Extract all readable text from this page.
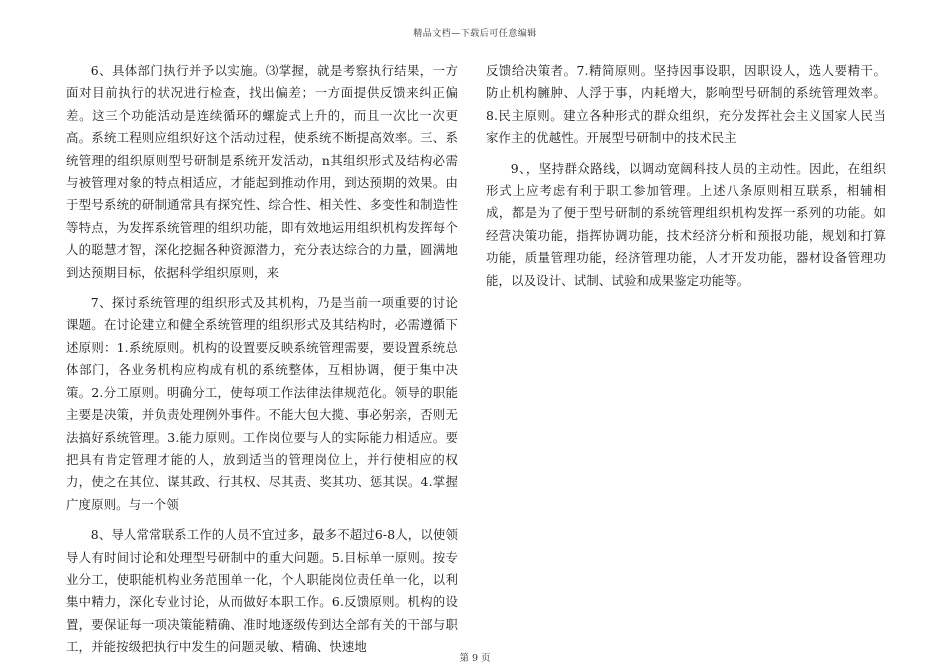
精品文档—下载后可任意编辑

6、具体部门执行并予以实施。⑶掌握，就是考察执行结果，一方面对目前执行的状况进行检查，找出偏差；一方面提供反馈来纠正偏差。这三个功能活动是连续循环的螺旋式上升的，而且一次比一次更高。系统工程则应组织好这个活动过程，使系统不断提高效率。三、系统管理的组织原则型号研制是系统开发活动，n其组织形式及结构必需与被管理对象的特点相适应，才能起到推动作用，到达预期的效果。由于型号系统的研制通常具有探究性、综合性、相关性、多变性和制造性等特点，为发挥系统管理的组织功能，即有效地运用组织机构发挥每个人的聪慧才智，深化挖掘各种资源潜力，充分表达综合的力量，圆满地到达预期目标，依据科学组织原则，来

7、探讨系统管理的组织形式及其机构，乃是当前一项重要的讨论课题。在讨论建立和健全系统管理的组织形式及其结构时，必需遵循下述原则：1.系统原则。机构的设置要反映系统管理需要，要设置系统总体部门，各业务机构应构成有机的系统整体，互相协调，便于集中决策。2.分工原则。明确分工，使每项工作法律法律规范化。领导的职能主要是决策，并负责处理例外事件。不能大包大揽、事必躬亲，否则无法搞好系统管理。3.能力原则。工作岗位要与人的实际能力相适应。要把具有肯定管理才能的人，放到适当的管理岗位上，并行使相应的权力，使之在其位、谋其政、行其权、尽其责、奖其功、惩其误。4.掌握广度原则。与一个领

8、导人常常联系工作的人员不宜过多，最多不超过6-8人，以使领导人有时间讨论和处理型号研制中的重大问题。5.目标单一原则。按专业分工，使职能机构业务范围单一化，个人职能岗位责任单一化，以利集中精力，深化专业讨论，从而做好本职工作。6.反馈原则。机构的设置，要保证每一项决策能精确、准时地逐级传到达全部有关的干部与职工，并能按级把执行中发生的问题灵敏、精确、快速地

反馈给决策者。7.精简原则。坚持因事设职，因职设人，选人要精干。防止机构臃肿、人浮于事，内耗增大，影响型号研制的系统管理效率。8.民主原则。建立各种形式的群众组织，充分发挥社会主义国家人民当家作主的优越性。开展型号研制中的技术民主

9、，坚持群众路线，以调动宽阔科技人员的主动性。因此，在组织形式上应考虑有利于职工参加管理。上述八条原则相互联系，相辅相成，都是为了便于型号研制的系统管理组织机构发挥一系列的功能。如经营决策功能，指挥协调功能，技术经济分析和预报功能，规划和打算功能，质量管理功能，经济管理功能，人才开发功能，器材设备管理功能，以及设计、试制、试验和成果鉴定功能等。

第 9 页
